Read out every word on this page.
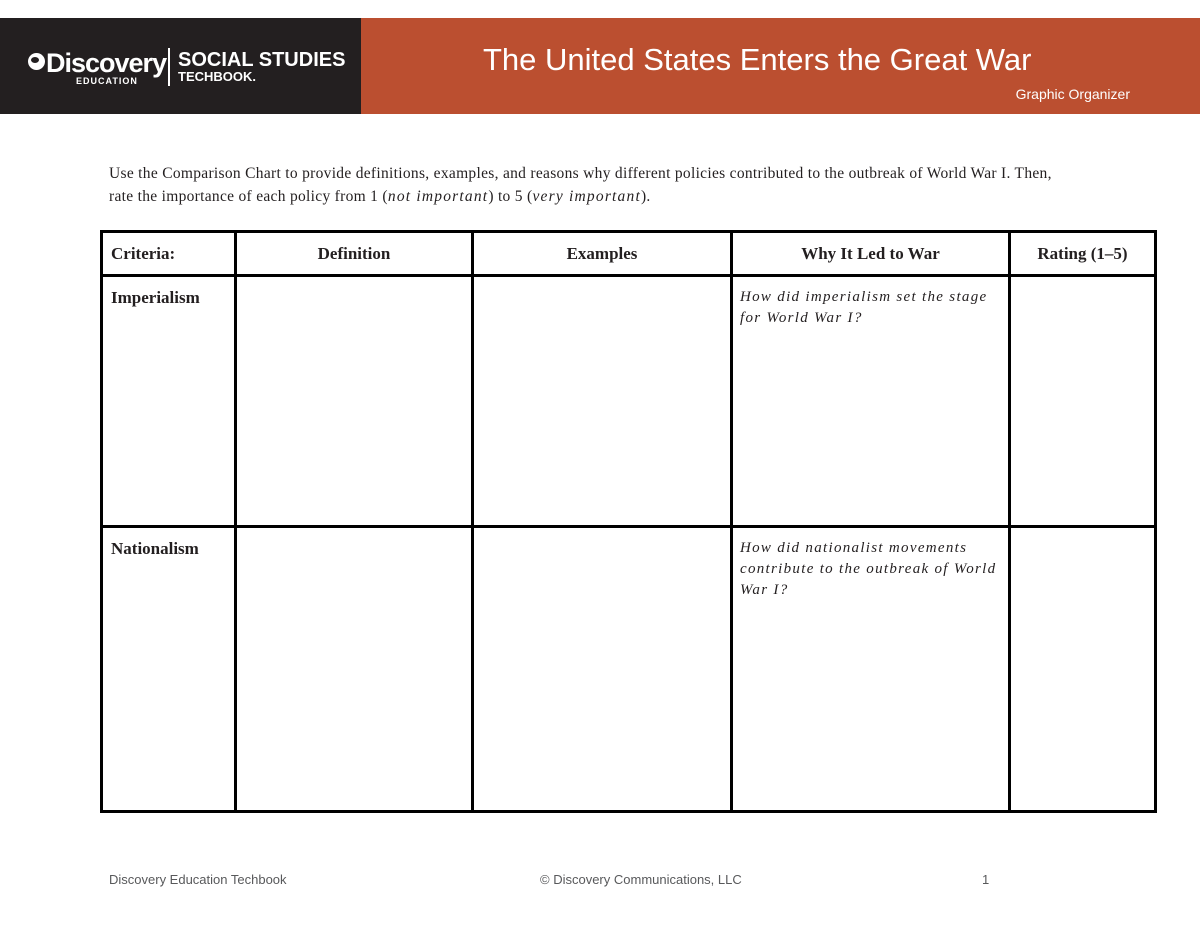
Discovery
EDUCATION
SOCIAL STUDIES
TECHBOOK.	The United States Enters the Great War
Graphic Organizer

Use the Comparison Chart to provide definitions, examples, and reasons why different policies contributed to the outbreak of World War I. Then, rate the importance of each policy from 1 (not important) to 5 (very important).

Criteria:	Definition	Examples	Why It Led to War	Rating (1–5)
Imperialism			How did imperialism set the stage for World War I?	
Nationalism			How did nationalist movements contribute to the outbreak of World War I?	
Discovery Education Techbook	© Discovery Communications, LLC	1
